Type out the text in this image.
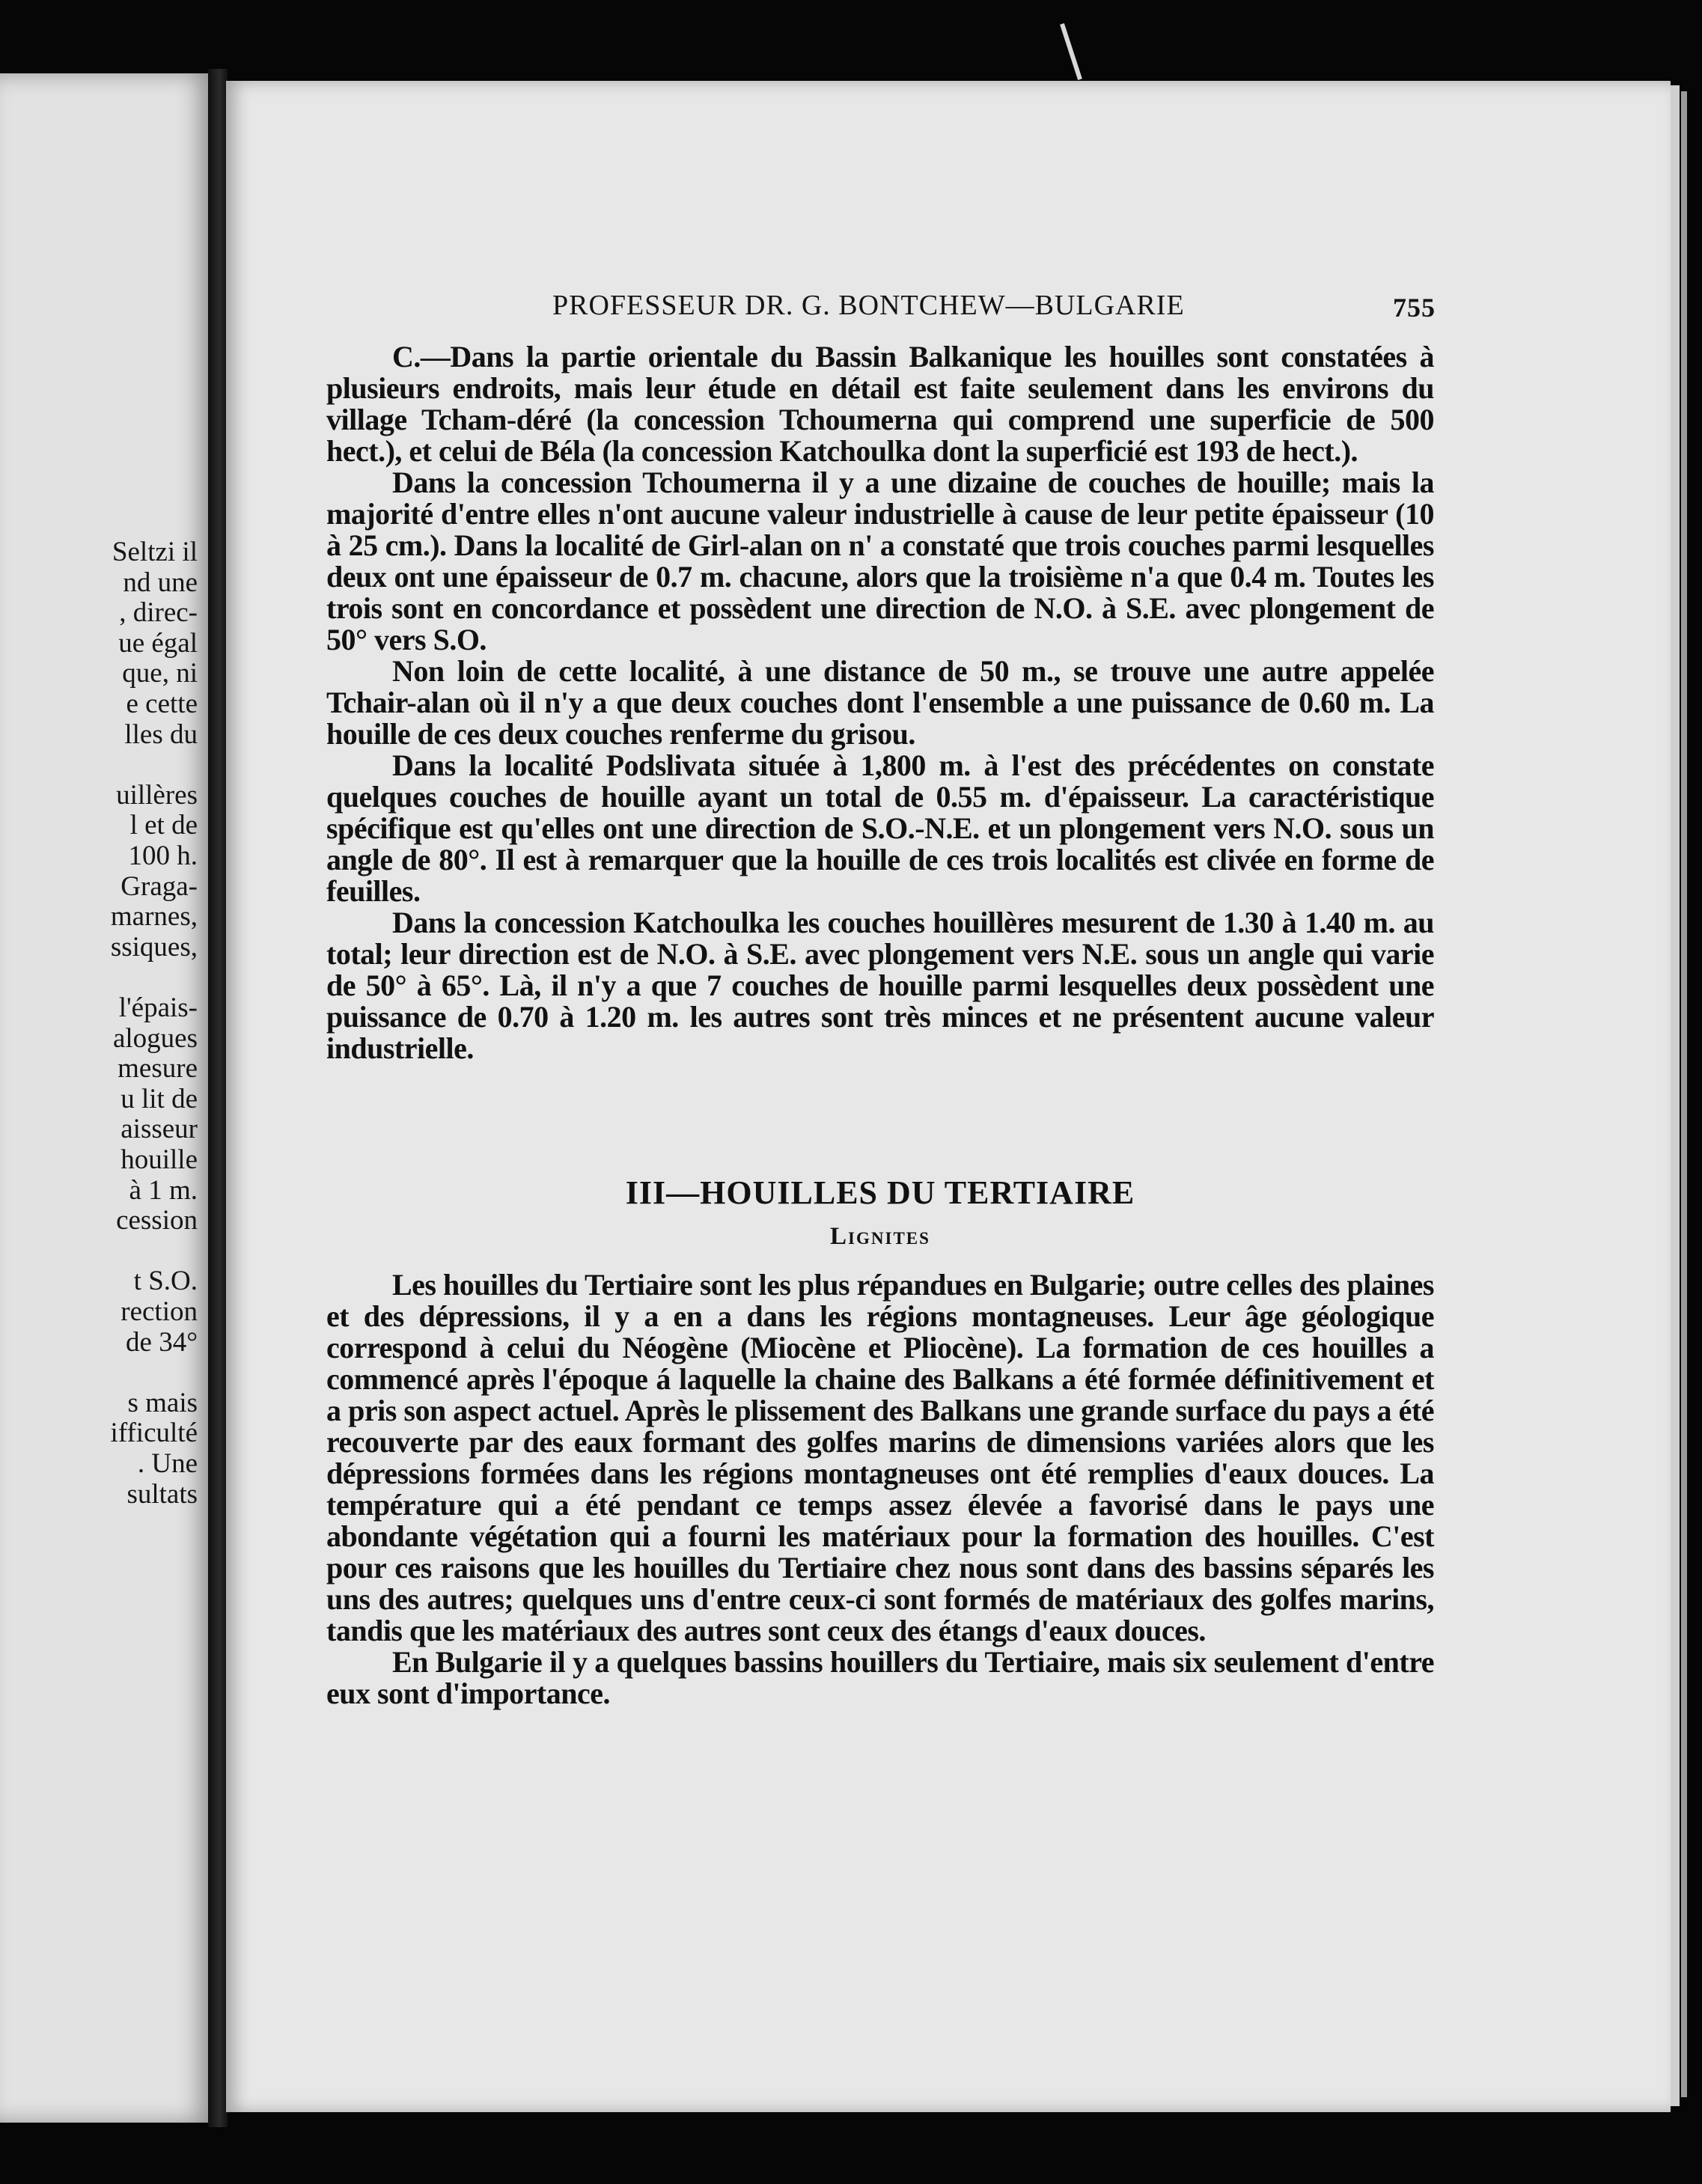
Seltzi il
nd une
, direc-
ue égal
que, ni
e cette
lles du
uillères
l et de
100 h.
Graga-
marnes,
ssiques,
l'épais-
alogues
mesure
u lit de
aisseur
houille
à 1 m.
cession
t S.O.
rection
de 34°
s mais
ifficulté
. Une
sultats
PROFESSEUR DR. G. BONTCHEW—BULGARIE	755

C.—Dans la partie orientale du Bassin Balkanique les houilles sont constatées à plusieurs endroits, mais leur étude en détail est faite seulement dans les environs du village Tcham-déré (la concession Tchoumerna qui comprend une superficie de 500 hect.), et celui de Béla (la concession Katchoulka dont la superficié est 193 de hect.).

Dans la concession Tchoumerna il y a une dizaine de couches de houille; mais la majorité d'entre elles n'ont aucune valeur industrielle à cause de leur petite épaisseur (10 à 25 cm.). Dans la localité de Girl-alan on n' a constaté que trois couches parmi lesquelles deux ont une épaisseur de 0.7 m. chacune, alors que la troisième n'a que 0.4 m. Toutes les trois sont en concordance et possèdent une direction de N.O. à S.E. avec plongement de 50° vers S.O.

Non loin de cette localité, à une distance de 50 m., se trouve une autre appelée Tchair-alan où il n'y a que deux couches dont l'ensemble a une puissance de 0.60 m. La houille de ces deux couches renferme du grisou.

Dans la localité Podslivata située à 1,800 m. à l'est des précédentes on constate quelques couches de houille ayant un total de 0.55 m. d'épaisseur. La caractéristique spécifique est qu'elles ont une direction de S.O.-N.E. et un plongement vers N.O. sous un angle de 80°. Il est à remarquer que la houille de ces trois localités est clivée en forme de feuilles.

Dans la concession Katchoulka les couches houillères mesurent de 1.30 à 1.40 m. au total; leur direction est de N.O. à S.E. avec plongement vers N.E. sous un angle qui varie de 50° à 65°. Là, il n'y a que 7 couches de houille parmi lesquelles deux possèdent une puissance de 0.70 à 1.20 m. les autres sont très minces et ne présentent aucune valeur industrielle.

III—HOUILLES DU TERTIAIRE
Lignites

Les houilles du Tertiaire sont les plus répandues en Bulgarie; outre celles des plaines et des dépressions, il y a en a dans les régions montagneuses. Leur âge géologique correspond à celui du Néogène (Miocène et Pliocène). La formation de ces houilles a commencé après l'époque á laquelle la chaine des Balkans a été formée définitivement et a pris son aspect actuel. Après le plissement des Balkans une grande surface du pays a été recouverte par des eaux formant des golfes marins de dimensions variées alors que les dépressions formées dans les régions montagneuses ont été remplies d'eaux douces. La température qui a été pendant ce temps assez élevée a favorisé dans le pays une abondante végétation qui a fourni les matériaux pour la formation des houilles. C'est pour ces raisons que les houilles du Tertiaire chez nous sont dans des bassins séparés les uns des autres; quelques uns d'entre ceux-ci sont formés de matériaux des golfes marins, tandis que les matériaux des autres sont ceux des étangs d'eaux douces.

En Bulgarie il y a quelques bassins houillers du Tertiaire, mais six seulement d'entre eux sont d'importance.
